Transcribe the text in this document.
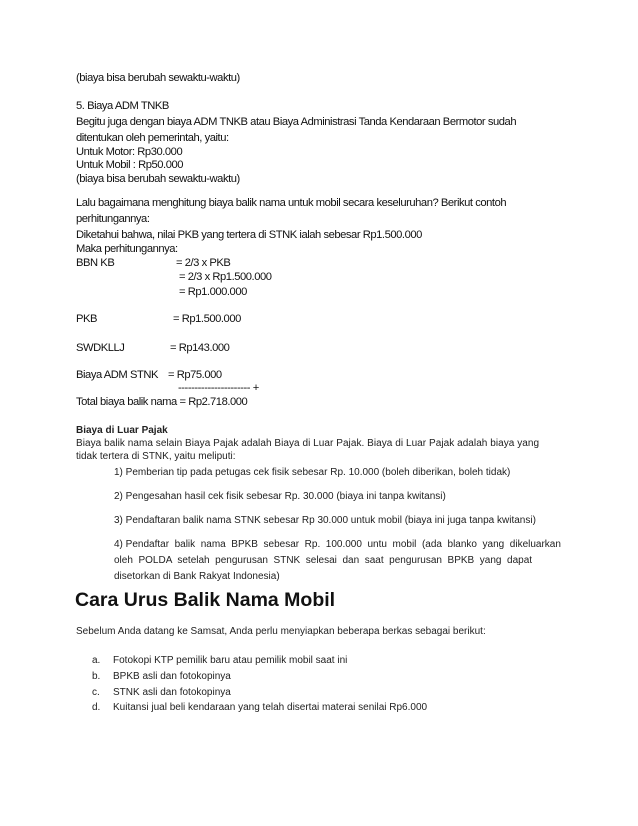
(biaya bisa berubah sewaktu-waktu)
5. Biaya ADM TNKB
Begitu juga dengan biaya ADM TNKB atau Biaya Administrasi Tanda Kendaraan Bermotor sudah
ditentukan oleh pemerintah, yaitu:
Untuk Motor: Rp30.000
Untuk Mobil : Rp50.000
(biaya bisa berubah sewaktu-waktu)
Lalu bagaimana menghitung biaya balik nama untuk mobil secara keseluruhan? Berikut contoh
perhitungannya:
Diketahui bahwa, nilai PKB yang tertera di STNK ialah sebesar Rp1.500.000
Maka perhitungannya:
BBN KB	= 2/3 x PKB
= 2/3 x Rp1.500.000
= Rp1.000.000
PKB	= Rp1.500.000
SWDKLLJ	= Rp143.000
Biaya ADM STNK = Rp75.000
---------------------- +
Total biaya balik nama = Rp2.718.000
Biaya di Luar Pajak
Biaya balik nama selain Biaya Pajak adalah Biaya di Luar Pajak. Biaya di Luar Pajak adalah biaya yang
tidak tertera di STNK, yaitu meliputi:
1) Pemberian tip pada petugas cek fisik sebesar Rp. 10.000 (boleh diberikan, boleh tidak)
2) Pengesahan hasil cek fisik sebesar Rp. 30.000 (biaya ini tanpa kwitansi)
3) Pendaftaran balik nama STNK sebesar Rp 30.000 untuk mobil (biaya ini juga tanpa kwitansi)
4) Pendaftar  balik  nama  BPKB  sebesar  Rp.  100.000  untu  mobil  (ada  blanko  yang  dikeluarkan
oleh  POLDA  setelah  pengurusan  STNK  selesai  dan  saat  pengurusan  BPKB  yang  dapat
disetorkan di Bank Rakyat Indonesia)
Cara Urus Balik Nama Mobil
Sebelum Anda datang ke Samsat, Anda perlu menyiapkan beberapa berkas sebagai berikut:
a. Fotokopi KTP pemilik baru atau pemilik mobil saat ini
b. BPKB asli dan fotokopinya
c. STNK asli dan fotokopinya
d. Kuitansi jual beli kendaraan yang telah disertai materai senilai Rp6.000
